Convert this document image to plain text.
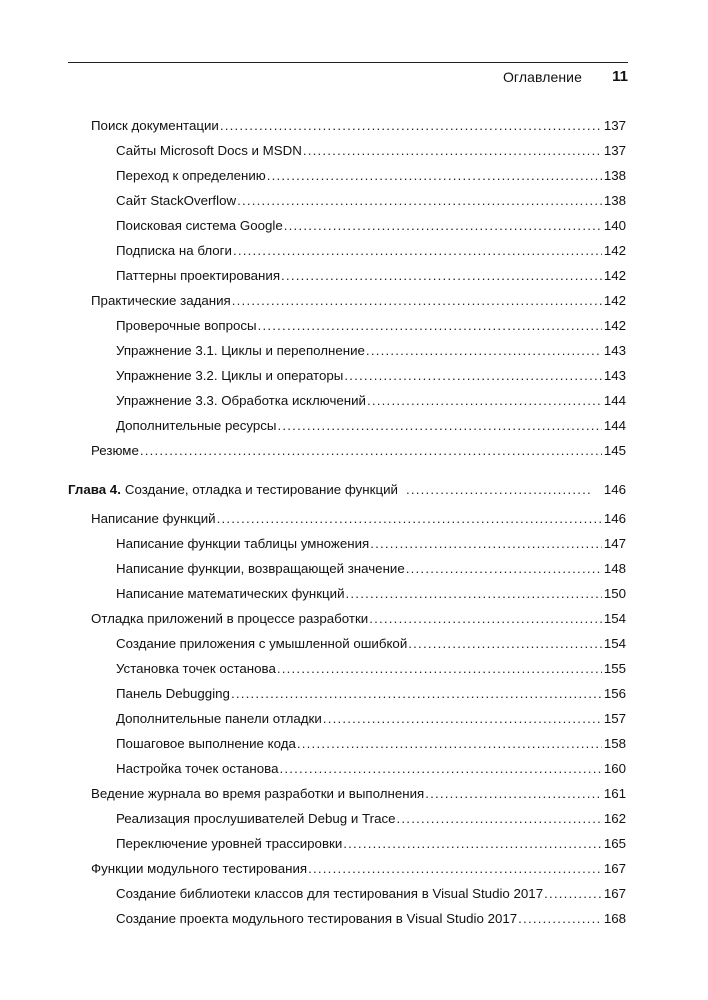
Оглавление 11
Поиск документации .....	137
Сайты Microsoft Docs и MSDN .....	137
Переход к определению .....	138
Сайт StackOverflow .....	138
Поисковая система Google .....	140
Подписка на блоги .....	142
Паттерны проектирования .....	142
Практические задания .....	142
Проверочные вопросы .....	142
Упражнение 3.1. Циклы и переполнение .....	143
Упражнение 3.2. Циклы и операторы .....	143
Упражнение 3.3. Обработка исключений .....	144
Дополнительные ресурсы .....	144
Резюме .....	145
Глава 4. Создание, отладка и тестирование функций .....	146
Написание функций .....	146
Написание функции таблицы умножения .....	147
Написание функции, возвращающей значение .....	148
Написание математических функций .....	150
Отладка приложений в процессе разработки .....	154
Создание приложения с умышленной ошибкой .....	154
Установка точек останова .....	155
Панель Debugging .....	156
Дополнительные панели отладки .....	157
Пошаговое выполнение кода .....	158
Настройка точек останова .....	160
Ведение журнала во время разработки и выполнения .....	161
Реализация прослушивателей Debug и Trace .....	162
Переключение уровней трассировки .....	165
Функции модульного тестирования .....	167
Создание библиотеки классов для тестирования в Visual Studio 2017 .....	167
Создание проекта модульного тестирования в Visual Studio 2017 .....	168
